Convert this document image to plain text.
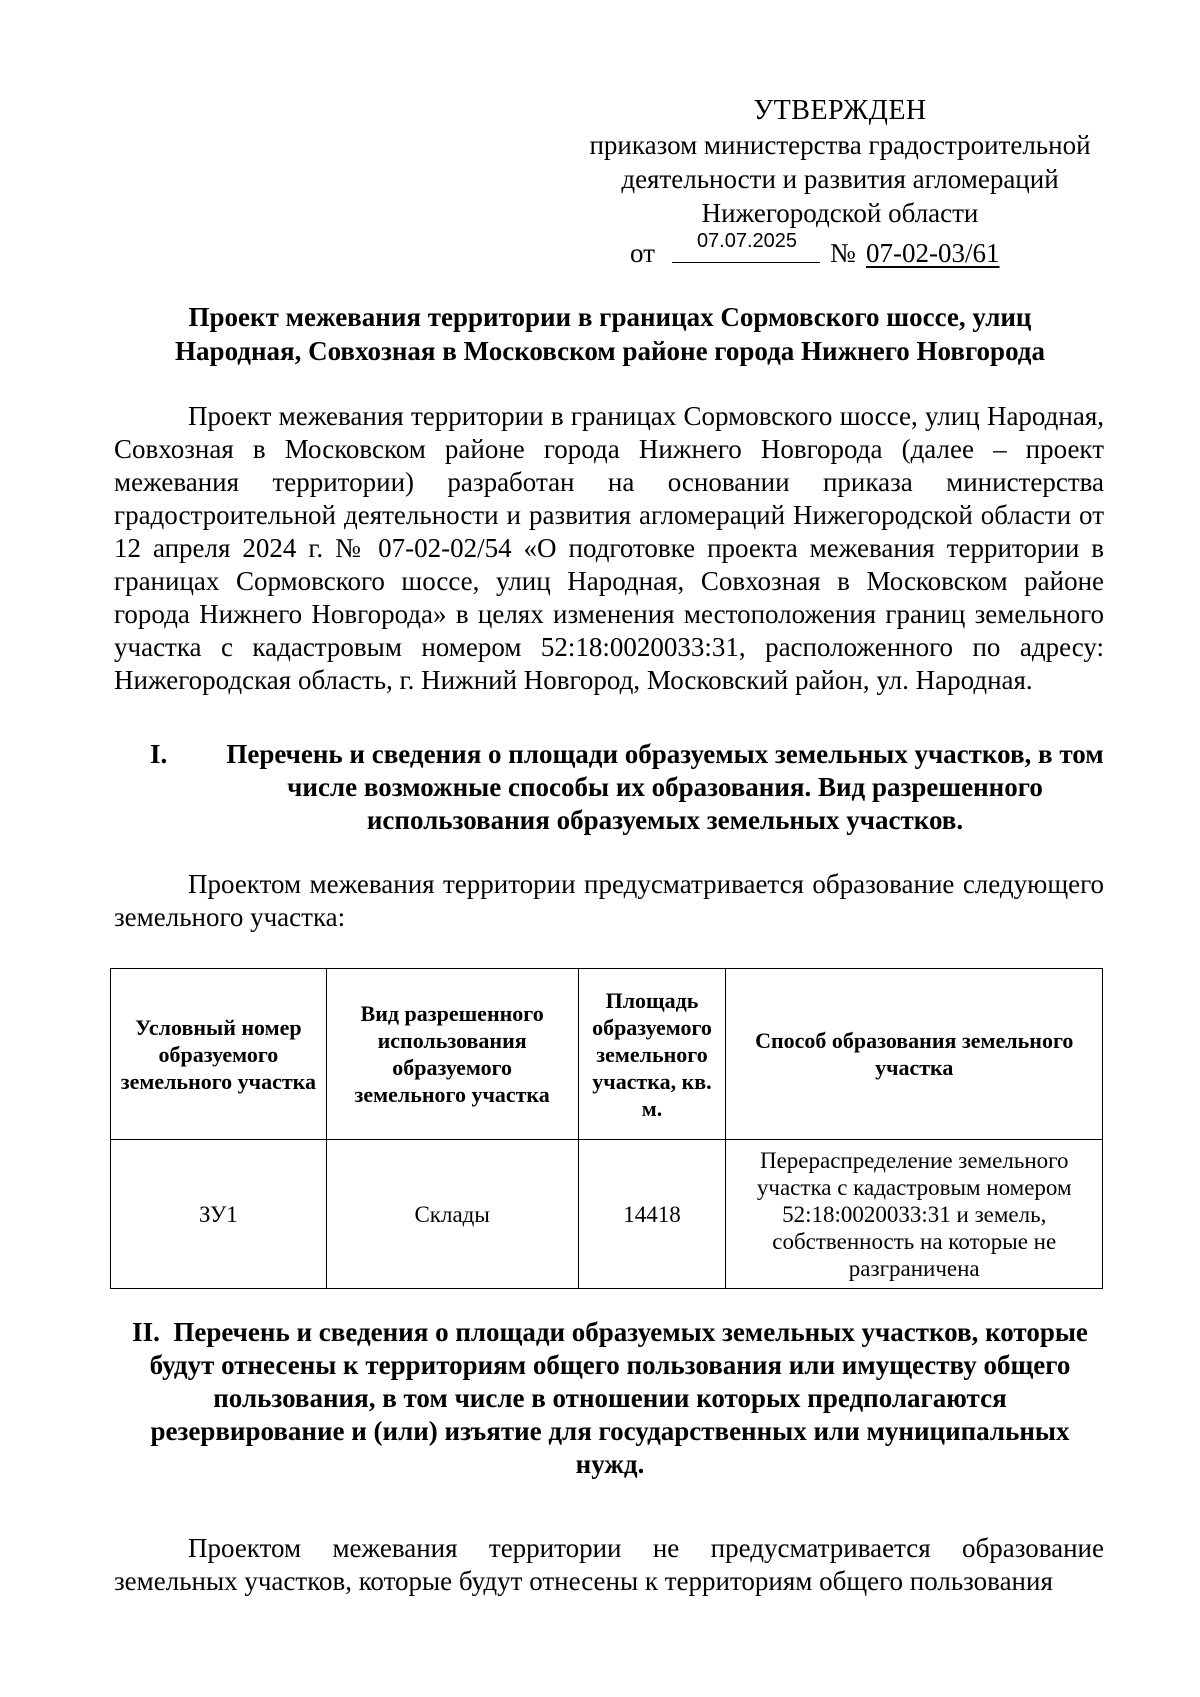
УТВЕРЖДЕН
приказом министерства градостроительной
деятельности и развития агломераций
Нижегородской области
от	07.07.2025	№ 07-02-03/61
Проект межевания территории в границах Сормовского шоссе, улиц
Народная, Совхозная в Московском районе города Нижнего Новгорода
Проект межевания территории в границах Сормовского шоссе, улиц Народная, Совхозная в Московском районе города Нижнего Новгорода (далее – проект межевания территории) разработан на основании приказа министерства градостроительной деятельности и развития агломераций Нижегородской области от 12 апреля 2024 г. № 07-02-02/54 «О подготовке проекта межевания территории в границах Сормовского шоссе, улиц Народная, Совхозная в Московском районе города Нижнего Новгорода» в целях изменения местоположения границ земельного участка с кадастровым номером 52:18:0020033:31, расположенного по адресу: Нижегородская область, г. Нижний Новгород, Московский район, ул. Народная.
I. Перечень и сведения о площади образуемых земельных участков, в том числе возможные способы их образования. Вид разрешенного использования образуемых земельных участков.
Проектом межевания территории предусматривается образование следующего земельного участка:
Условный номер образуемого земельного участка	Вид разрешенного использования образуемого земельного участка	Площадь образуемого земельного участка, кв. м.	Способ образования земельного участка
ЗУ1	Склады	14418	Перераспределение земельного участка с кадастровым номером 52:18:0020033:31 и земель, собственность на которые не разграничена
II. Перечень и сведения о площади образуемых земельных участков, которые будут отнесены к территориям общего пользования или имуществу общего пользования, в том числе в отношении которых предполагаются резервирование и (или) изъятие для государственных или муниципальных нужд.
Проектом межевания территории не предусматривается образование земельных участков, которые будут отнесены к территориям общего пользования
